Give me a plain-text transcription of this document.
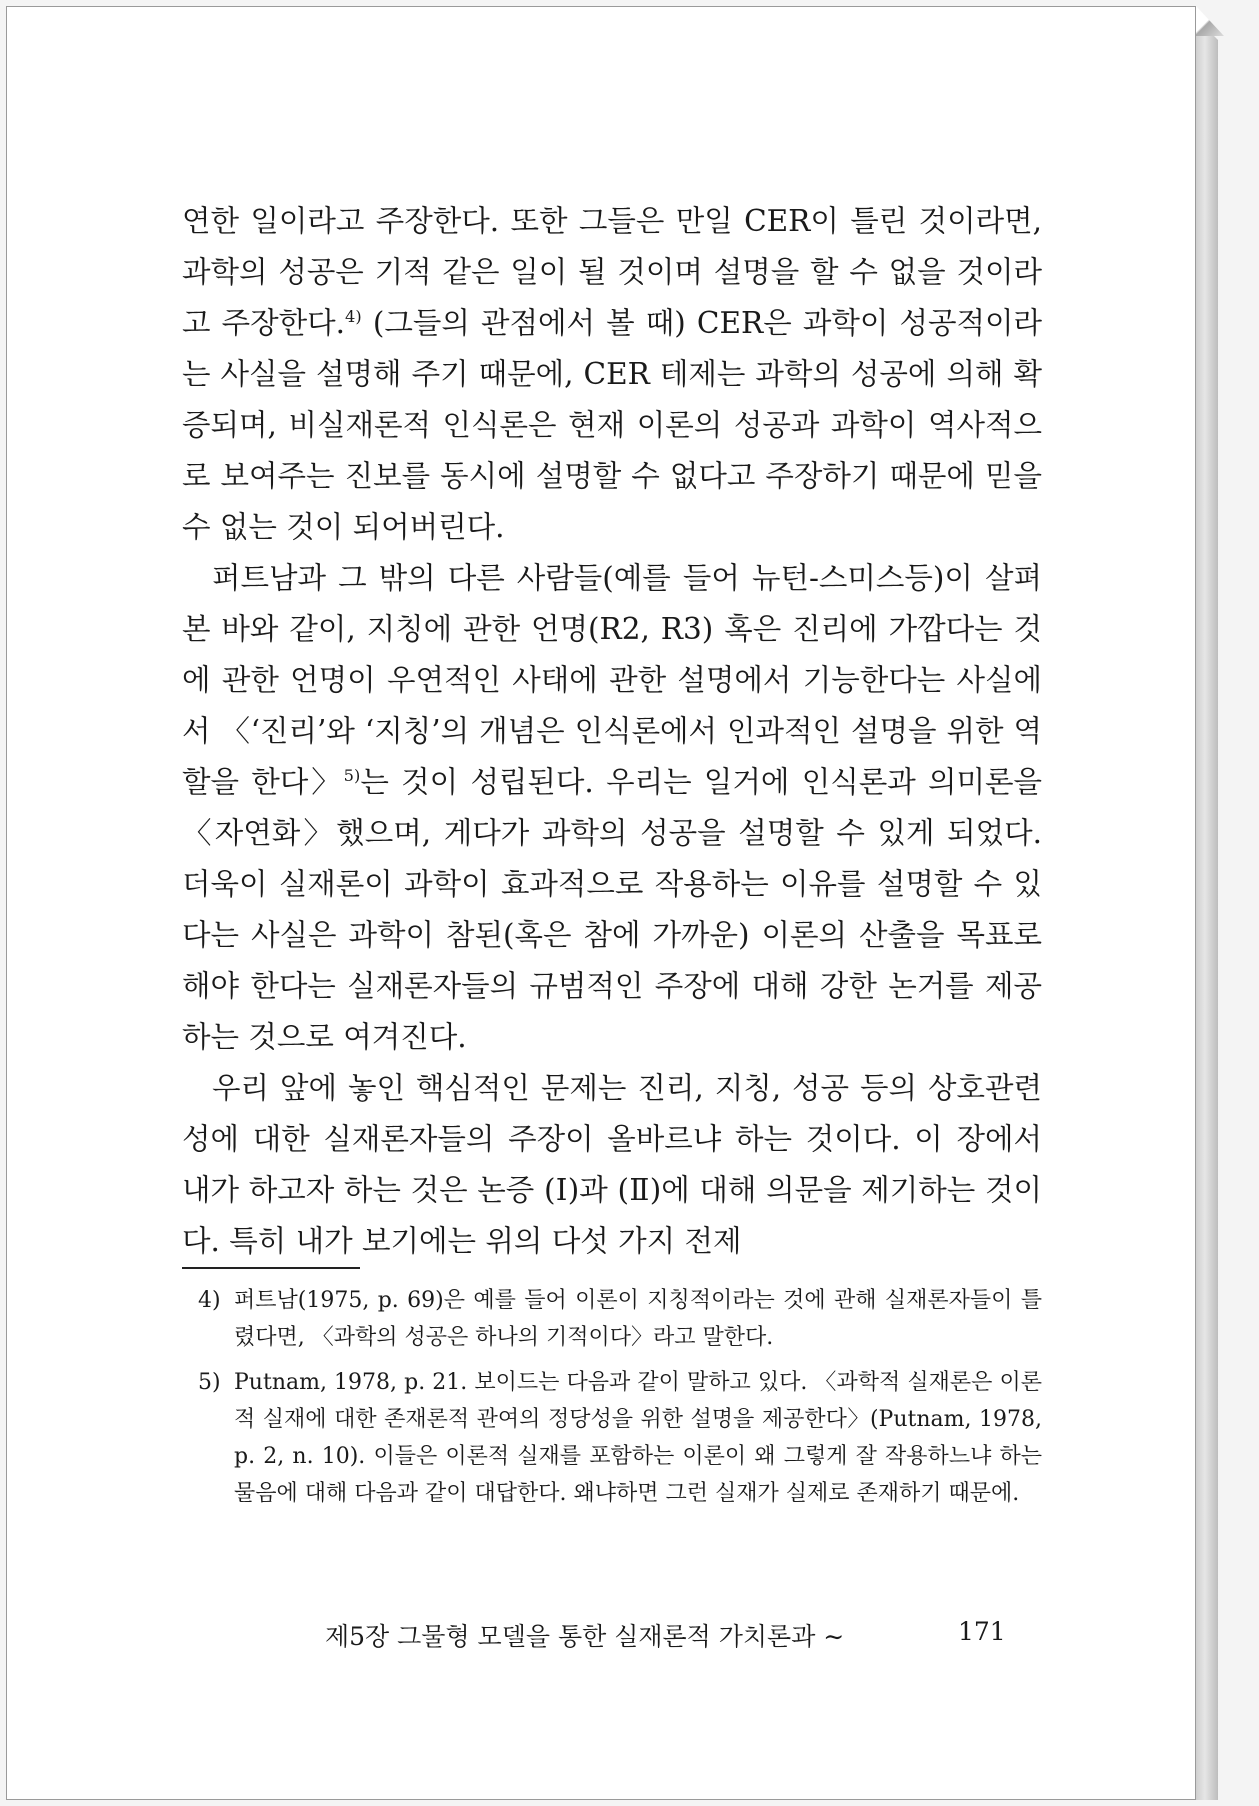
연한 일이라고 주장한다. 또한 그들은 만일 CER이 틀린 것이라면, 과학의 성공은 기적 같은 일이 될 것이며 설명을 할 수 없을 것이라고 주장한다.$^{4)}$ (그들의 관점에서 볼 때) CER은 과학이 성공적이라는 사실을 설명해 주기 때문에, CER 테제는 과학의 성공에 의해 확증되며, 비실재론적 인식론은 현재 이론의 성공과 과학이 역사적으로 보여주는 진보를 동시에 설명할 수 없다고 주장하기 때문에 믿을 수 없는 것이 되어버린다.

퍼트남과 그 밖의 다른 사람들(예를 들어 뉴턴-스미스등)이 살펴본 바와 같이, 지칭에 관한 언명(R2, R3) 혹은 진리에 가깝다는 것에 관한 언명이 우연적인 사태에 관한 설명에서 기능한다는 사실에서 〈‘진리’와 ‘지칭’의 개념은 인식론에서 인과적인 설명을 위한 역할을 한다〉$^{5)}$는 것이 성립된다. 우리는 일거에 인식론과 의미론을 〈자연화〉했으며, 게다가 과학의 성공을 설명할 수 있게 되었다. 더욱이 실재론이 과학이 효과적으로 작용하는 이유를 설명할 수 있다는 사실은 과학이 참된(혹은 참에 가까운) 이론의 산출을 목표로 해야 한다는 실재론자들의 규범적인 주장에 대해 강한 논거를 제공하는 것으로 여겨진다.

우리 앞에 놓인 핵심적인 문제는 진리, 지칭, 성공 등의 상호관련성에 대한 실재론자들의 주장이 올바르냐 하는 것이다. 이 장에서 내가 하고자 하는 것은 논증 (Ⅰ)과 (Ⅱ)에 대해 의문을 제기하는 것이다. 특히 내가 보기에는 위의 다섯 가지 전제

4) 퍼트남(1975, p. 69)은 예를 들어 이론이 지칭적이라는 것에 관해 실재론자들이 틀렸다면, 〈과학의 성공은 하나의 기적이다〉라고 말한다.
5) Putnam, 1978, p. 21. 보이드는 다음과 같이 말하고 있다. 〈과학적 실재론은 이론적 실재에 대한 존재론적 관여의 정당성을 위한 설명을 제공한다〉(Putnam, 1978, p. 2, n. 10). 이들은 이론적 실재를 포함하는 이론이 왜 그렇게 잘 작용하느냐 하는 물음에 대해 다음과 같이 대답한다. 왜냐하면 그런 실재가 실제로 존재하기 때문에.
제5장 그물형 모델을 통한 실재론적 가치론과 ∼	171
